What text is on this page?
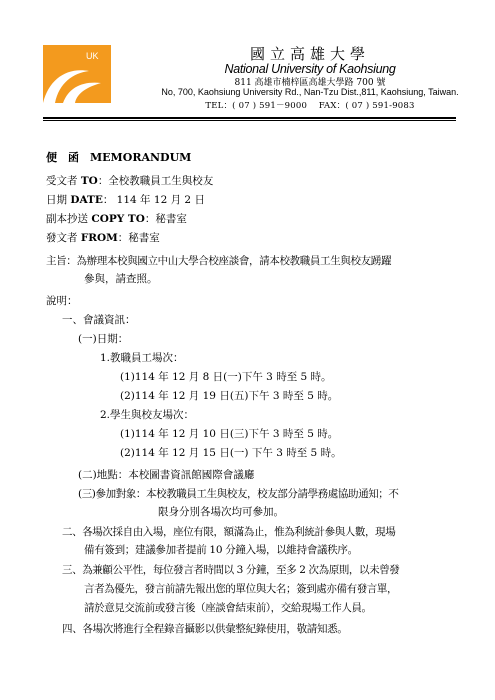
UK	國立高雄大學
National University of Kaohsiung
811 高雄市楠梓區高雄大學路 700 號
No, 700, Kaohsiung University Rd., Nan-Tzu Dist.,811, Kaohsiung, Taiwan.
TEL：( 07 ) 591－9000　 FAX：( 07 ) 591-9083
便　函　MEMORANDUM
受文者 TO：全校教職員工生與校友
日期 DATE： 114 年 12 月 2 日
副本抄送 COPY TO：秘書室
發文者 FROM：秘書室
主旨：為辦理本校與國立中山大學合校座談會，請本校教職員工生與校友踴躍
參與，請查照。
說明：
一、會議資訊：
(一)日期：
1.教職員工場次：
(1)114 年 12 月 8 日(一)下午 3 時至 5 時。
(2)114 年 12 月 19 日(五)下午 3 時至 5 時。
2.學生與校友場次：
(1)114 年 12 月 10 日(三)下午 3 時至 5 時。
(2)114 年 12 月 15 日(一) 下午 3 時至 5 時。
(二)地點：本校圖書資訊館國際會議廳
(三)參加對象：本校教職員工生與校友，校友部分請學務處協助通知；不
限身分別各場次均可參加。
二、各場次採自由入場，座位有限，額滿為止，惟為利統計參與人數，現場
備有簽到；建議參加者提前 10 分鐘入場，以維持會議秩序。
三、為兼顧公平性，每位發言者時間以 3 分鐘，至多 2 次為原則，以未曾發
言者為優先，發言前請先報出您的單位與大名；簽到處亦備有發言單，
請於意見交流前或發言後（座談會結束前），交給現場工作人員。
四、各場次將進行全程錄音攝影以供彙整紀錄使用，敬請知悉。
